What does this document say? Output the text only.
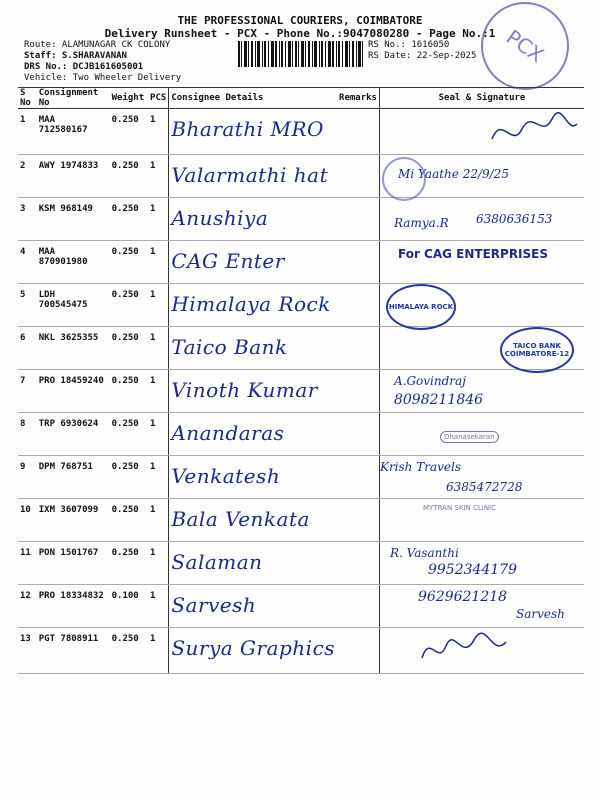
PCX
THE PROFESSIONAL COURIERS, COIMBATORE
Delivery Runsheet - PCX - Phone No.:9047080280 - Page No.:1
Route: ALAMUNAGAR CK COLONY
Staff: S.SHARAVANAN
DRS No.: DCJB161605001
Vehicle: Two Wheeler Delivery
RS No.: 1616050
RS Date: 22-Sep-2025
S No	Consignment No	Weight	PCS	Consignee Details	Remarks	Seal & Signature

1	MAA 712580167	0.250	1	Bharathi MRO

2	AWY 1974833	0.250	1	Valarmathi hat		Mi Yaathe 22/9/25

3	KSM 968149	0.250	1	Anushiya		Ramya.R 6380636153

4	MAA 870901980	0.250	1	CAG Enter		For CAG ENTERPRISES

5	LDH 700545475	0.250	1	Himalaya Rock		HIMALAYA ROCK

6	NKL 3625355	0.250	1	Taico Bank		TAICO BANK COIMBATORE-12

7	PRO 18459240	0.250	1	Vinoth Kumar		A.Govindraj
8098211846

8	TRP 6930624	0.250	1	Anandaras		Dhanasekaran

9	DPM 768751	0.250	1	Venkatesh		Krish Travels
6385472728

10	IXM 3607099	0.250	1	Bala Venkata		MYTRAN SKIN CLINIC

11	PON 1501767	0.250	1	Salaman		R. Vasanthi
9952344179

12	PRO 18334832	0.100	1	Sarvesh		9629621218
Sarvesh

13	PGT 7808911	0.250	1	Surya Graphics
